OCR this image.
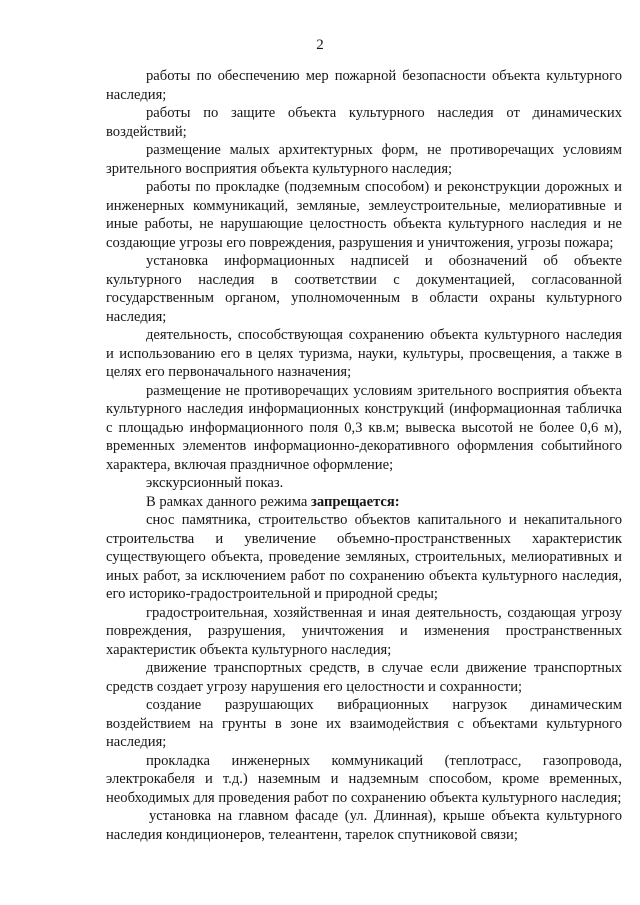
2

работы по обеспечению мер пожарной безопасности объекта культурного наследия;

работы по защите объекта культурного наследия от динамических воздействий;

размещение малых архитектурных форм, не противоречащих условиям зрительного восприятия объекта культурного наследия;

работы по прокладке (подземным способом) и реконструкции дорожных и инженерных коммуникаций, земляные, землеустроительные, мелиоративные и иные работы, не нарушающие целостность объекта культурного наследия и не создающие угрозы его повреждения, разрушения и уничтожения, угрозы пожара;

установка информационных надписей и обозначений об объекте культурного наследия в соответствии с документацией, согласованной государственным органом, уполномоченным в области охраны культурного наследия;

деятельность, способствующая сохранению объекта культурного наследия и использованию его в целях туризма, науки, культуры, просвещения, а также в целях его первоначального назначения;

размещение не противоречащих условиям зрительного восприятия объекта культурного наследия информационных конструкций (информационная табличка с площадью информационного поля 0,3 кв.м; вывеска высотой не более 0,6 м), временных элементов информационно-декоративного оформления событийного характера, включая праздничное оформление;

экскурсионный показ.

В рамках данного режима запрещается:

снос памятника, строительство объектов капитального и некапитального строительства и увеличение объемно-пространственных характеристик существующего объекта, проведение земляных, строительных, мелиоративных и иных работ, за исключением работ по сохранению объекта культурного наследия, его историко-градостроительной и природной среды;

градостроительная, хозяйственная и иная деятельность, создающая угрозу повреждения, разрушения, уничтожения и изменения пространственных характеристик объекта культурного наследия;

движение транспортных средств, в случае если движение транспортных средств создает угрозу нарушения его целостности и сохранности;

создание разрушающих вибрационных нагрузок динамическим воздействием на грунты в зоне их взаимодействия с объектами культурного наследия;

прокладка инженерных коммуникаций (теплотрасс, газопровода, электрокабеля и т.д.) наземным и надземным способом, кроме временных, необходимых для проведения работ по сохранению объекта культурного наследия;

установка на главном фасаде (ул. Длинная), крыше объекта культурного наследия кондиционеров, телеантенн, тарелок спутниковой связи;
